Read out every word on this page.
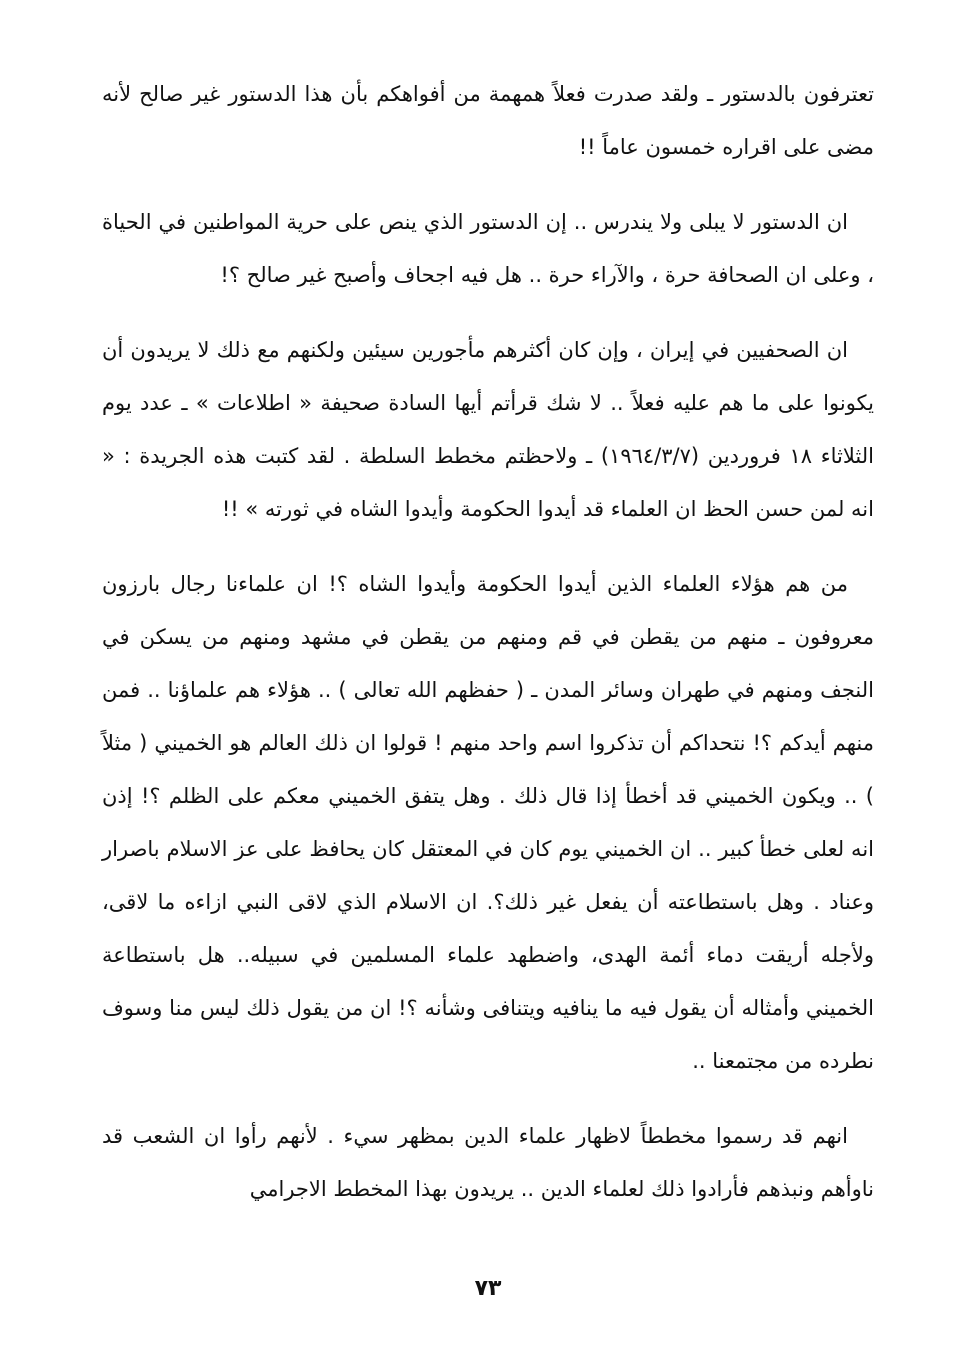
تعترفون بالدستور ـ ولقد صدرت فعلاً همهمة من أفواهكم بأن هذا الدستور غير صالح لأنه مضى على اقراره خمسون عاماً !!

ان الدستور لا يبلى ولا يندرس .. إن الدستور الذي ينص على حرية المواطنين في الحياة ، وعلى ان الصحافة حرة ، والآراء حرة .. هل فيه اجحاف وأصبح غير صالح ؟!

ان الصحفيين في إيران ، وإن كان أكثرهم مأجورين سيئين ولكنهم مع ذلك لا يريدون أن يكونوا على ما هم عليه فعلاً .. لا شك قرأتم أيها السادة صحيفة « اطلاعات » ـ عدد يوم الثلاثاء ١٨ فروردين (١٩٦٤/٣/٧) ـ ولاحظتم مخطط السلطة . لقد كتبت هذه الجريدة : « انه لمن حسن الحظ ان العلماء قد أيدوا الحكومة وأيدوا الشاه في ثورته » !!

من هم هؤلاء العلماء الذين أيدوا الحكومة وأيدوا الشاه ؟! ان علماءنا رجال بارزون معروفون ـ منهم من يقطن في قم ومنهم من يقطن في مشهد ومنهم من يسكن في النجف ومنهم في طهران وسائر المدن ـ ( حفظهم الله تعالى ) .. هؤلاء هم علماؤنا .. فمن منهم أيدكم ؟! نتحداكم أن تذكروا اسم واحد منهم ! قولوا ان ذلك العالم هو الخميني ( مثلاً ) .. ويكون الخميني قد أخطأ إذا قال ذلك . وهل يتفق الخميني معكم على الظلم ؟! إذن انه لعلى خطأ كبير .. ان الخميني يوم كان في المعتقل كان يحافظ على عز الاسلام باصرار وعناد . وهل باستطاعته أن يفعل غير ذلك؟. ان الاسلام الذي لاقى النبي ازاءه ما لاقى، ولأجله أريقت دماء أئمة الهدى، واضطهد علماء المسلمين في سبيله.. هل باستطاعة الخميني وأمثاله أن يقول فيه ما ينافيه ويتنافى وشأنه ؟! ان من يقول ذلك ليس منا وسوف نطرده من مجتمعنا ..

انهم قد رسموا مخططاً لاظهار علماء الدين بمظهر سيء . لأنهم رأوا ان الشعب قد ناوأهم ونبذهم فأرادوا ذلك لعلماء الدين .. يريدون بهذا المخطط الاجرامي

٧٣
